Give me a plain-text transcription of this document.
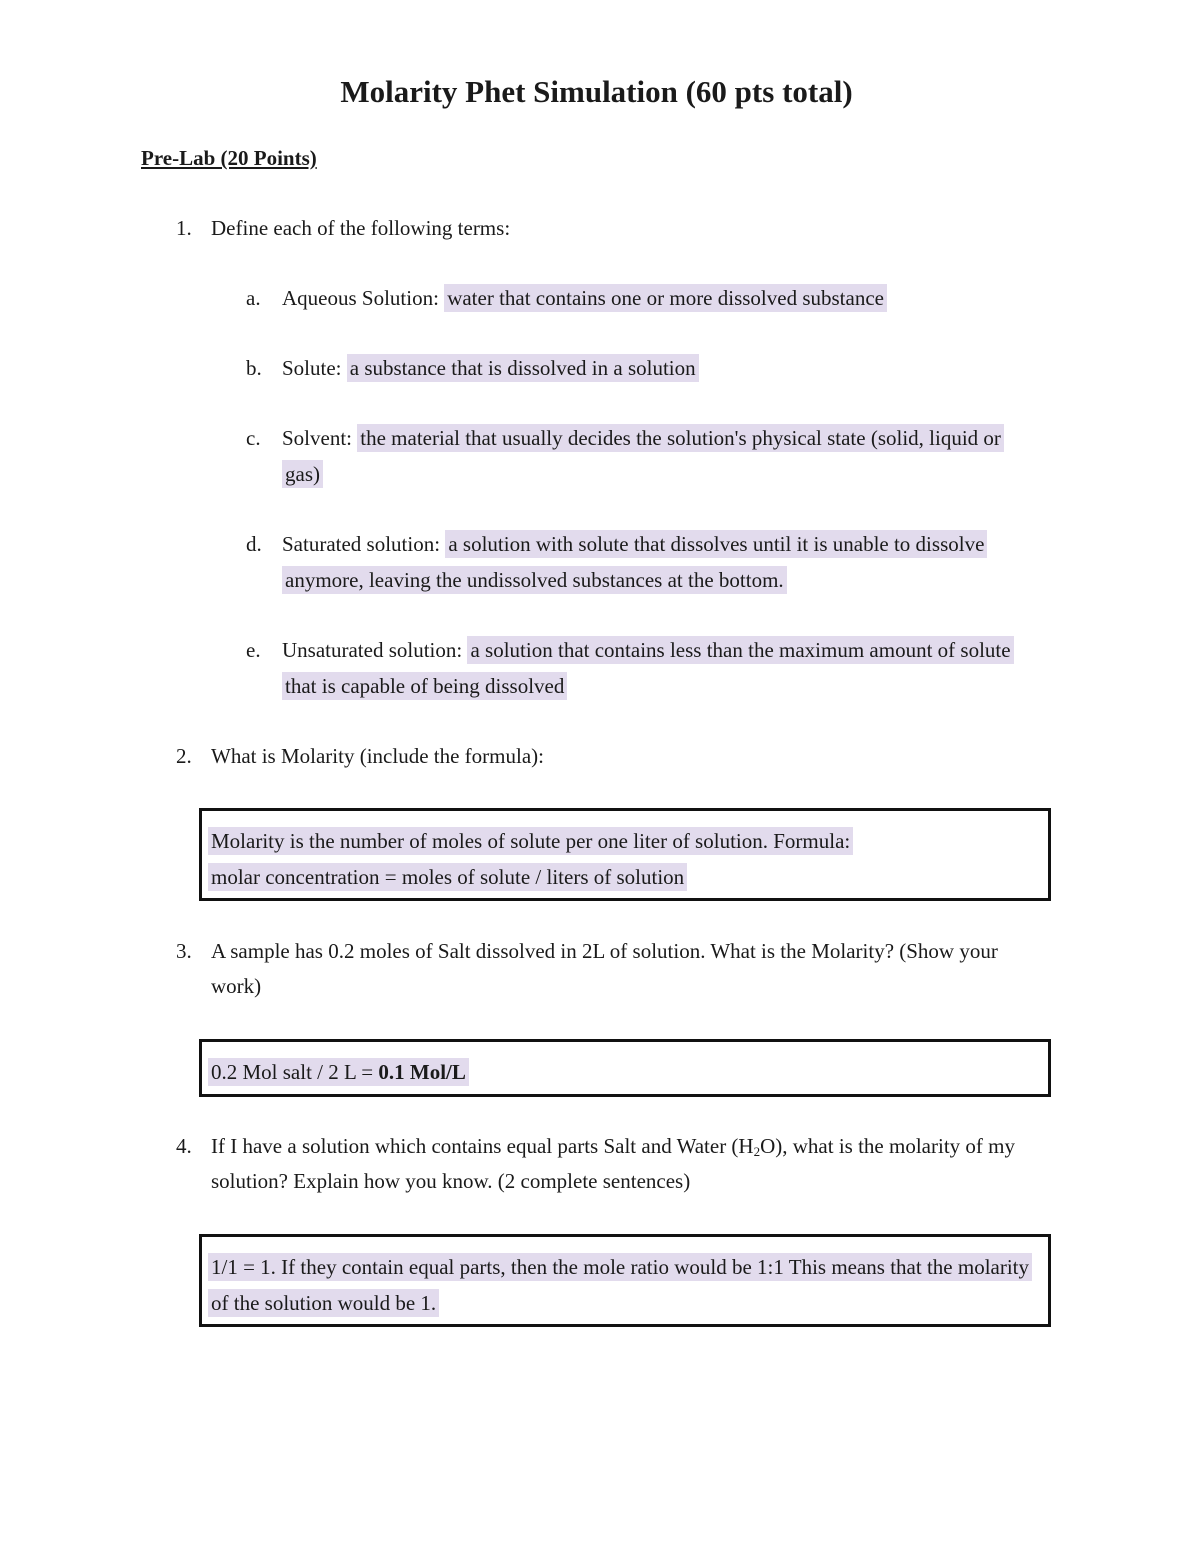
Molarity Phet Simulation (60 pts total)
Pre-Lab (20 Points)
1. Define each of the following terms:
a. Aqueous Solution: water that contains one or more dissolved substance
b. Solute: a substance that is dissolved in a solution
c. Solvent: the material that usually decides the solution's physical state (solid, liquid or gas)
d. Saturated solution: a solution with solute that dissolves until it is unable to dissolve anymore, leaving the undissolved substances at the bottom.
e. Unsaturated solution: a solution that contains less than the maximum amount of solute that is capable of being dissolved
2. What is Molarity (include the formula):
Molarity is the number of moles of solute per one liter of solution. Formula:
molar concentration = moles of solute / liters of solution
3. A sample has 0.2 moles of Salt dissolved in 2L of solution. What is the Molarity? (Show your work)
0.2 Mol salt / 2 L = 0.1 Mol/L
4. If I have a solution which contains equal parts Salt and Water $(H_2O)$, what is the molarity of my solution? Explain how you know. (2 complete sentences)
1/1 = 1. If they contain equal parts, then the mole ratio would be 1:1 This means that the molarity of the solution would be 1.
